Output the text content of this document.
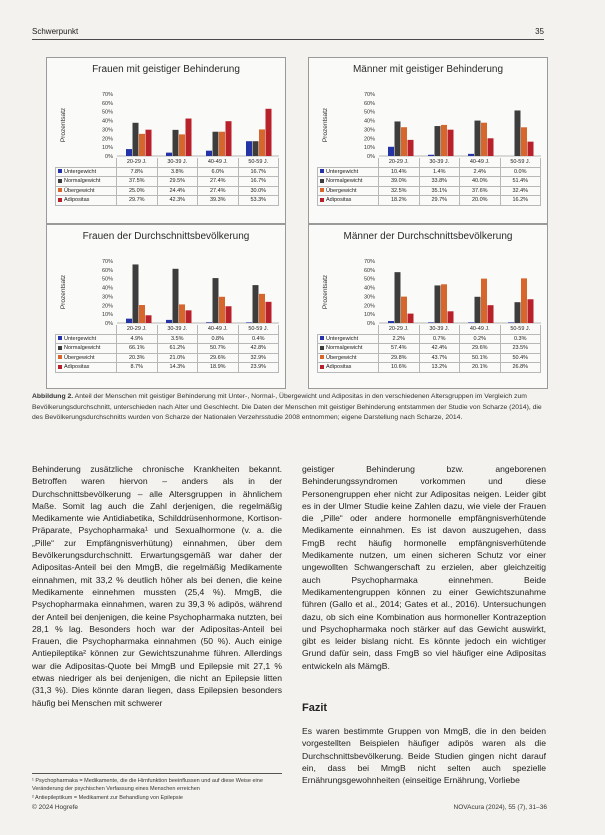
Schwerpunkt	35
Frauen mit geistiger Behinderung
70%
60%
50%
40%
30%
20%
10%
0%
Prozentsatz
	20-29 J.	30-39 J.	40-49 J.	50-59 J.
Untergewicht	7.8%	3.8%	6.0%	16.7%
Normalgewicht	37.5%	29.5%	27.4%	16.7%
Übergewicht	25.0%	24.4%	27.4%	30.0%
Adipositas	29.7%	42.3%	39.3%	53.3%
Männer mit geistiger Behinderung
70%
60%
50%
40%
30%
20%
10%
0%
Prozentsatz
	20-29 J.	30-39 J.	40-49 J.	50-59 J.
Untergewicht	10.4%	1.4%	2.4%	0.0%
Normalgewicht	39.0%	33.8%	40.0%	51.4%
Übergewicht	32.5%	35.1%	37.6%	32.4%
Adipositas	18.2%	29.7%	20.0%	16.2%
Frauen der Durchschnittsbevölkerung
70%
60%
50%
40%
30%
20%
10%
0%
Prozentsatz
	20-29 J.	30-39 J.	40-49 J.	50-59 J.
Untergewicht	4.9%	3.5%	0.8%	0.4%
Normalgewicht	66.1%	61.2%	50.7%	42.8%
Übergewicht	20.3%	21.0%	29.6%	32.9%
Adipositas	8.7%	14.3%	18.9%	23.9%
Männer der Durchschnittsbevölkerung
70%
60%
50%
40%
30%
20%
10%
0%
Prozentsatz
	20-29 J.	30-39 J.	40-49 J.	50-59 J.
Untergewicht	2.2%	0.7%	0.2%	0.3%
Normalgewicht	57.4%	42.4%	29.6%	23.5%
Übergewicht	29.8%	43.7%	50.1%	50.4%
Adipositas	10.6%	13.2%	20.1%	26.8%
Abbildung 2. Anteil der Menschen mit geistiger Behinderung mit Unter-, Normal-, Übergewicht und Adipositas in den verschiedenen Altersgruppen im Vergleich zum Bevölkerungsdurchschnitt, unterschieden nach Alter und Geschlecht. Die Daten der Menschen mit geistiger Behinderung entstammen der Studie von Scharze (2014), die des Bevölkerungsdurchschnitts wurden von Scharze der Nationalen Verzehrsstudie 2008 entnommen; eigene Darstellung nach Scharze, 2014.

Behinderung zusätzliche chronische Krankheiten bekannt. Betroffen waren hiervon – anders als in der Durchschnittsbevölkerung – alle Altersgruppen in ähnlichem Maße. Somit lag auch die Zahl derjenigen, die regelmäßig Medikamente wie Antidiabetika, Schilddrüsenhormone, Kortison-Präparate, Psychopharmaka¹ und Sexualhormone (v. a. die „Pille“ zur Empfängnisverhütung) einnahmen, über dem Bevölkerungsdurchschnitt. Erwartungsgemäß war daher der Adipositas-Anteil bei den MmgB, die regelmäßig Medikamente einnahmen, mit 33,2 % deutlich höher als bei denen, die keine Medikamente einnehmen mussten (25,4 %). MmgB, die Psychopharmaka einnahmen, waren zu 39,3 % adipös, während der Anteil bei denjenigen, die keine Psychopharmaka nutzten, bei 28,1 % lag. Besonders hoch war der Adipositas-Anteil bei Frauen, die Psychopharmaka einnahmen (50 %). Auch einige Antiepileptika² können zur Gewichtszunahme führen. Allerdings war die Adipositas-Quote bei MmgB und Epilepsie mit 27,1 % etwas niedriger als bei denjenigen, die nicht an Epilepsie litten (31,3 %). Dies könnte daran liegen, dass Epilepsien besonders häufig bei Menschen mit schwerer

geistiger Behinderung bzw. angeborenen Behinderungssyndromen vorkommen und diese Personengruppen eher nicht zur Adipositas neigen. Leider gibt es in der Ulmer Studie keine Zahlen dazu, wie viele der Frauen die „Pille“ oder andere hormonelle empfängnisverhütende Medikamente einnahmen. Es ist davon auszugehen, dass FmgB recht häufig hormonelle empfängnisverhütende Medikamente nutzen, um einen sicheren Schutz vor einer ungewollten Schwangerschaft zu erzielen, aber gleichzeitig auch Psychopharmaka einnehmen. Beide Medikamentengruppen können zu einer Gewichtszunahme führen (Gallo et al., 2014; Gates et al., 2016). Untersuchungen dazu, ob sich eine Kombination aus hormoneller Kontrazeption und Psychopharmaka noch stärker auf das Gewicht auswirkt, gibt es leider bislang nicht. Es könnte jedoch ein wichtiger Grund dafür sein, dass FmgB so viel häufiger eine Adipositas entwickeln als MämgB.

Fazit

Es waren bestimmte Gruppen von MmgB, die in den beiden vorgestellten Beispielen häufiger adipös waren als die Durchschnittsbevölkerung. Beide Studien gingen nicht darauf ein, dass bei MmgB nicht selten auch spezielle Ernährungsgewohnheiten (einseitige Ernährung, Vorliebe

¹ Psychopharmaka = Medikamente, die die Hirnfunktion beeinflussen und auf diese Weise eine Veränderung der psychischen Verfassung eines Menschen erreichen

² Antiepileptikum = Medikament zur Behandlung von Epilepsie

© 2024 Hogrefe	NOVAcura (2024), 55 (7), 31–36
